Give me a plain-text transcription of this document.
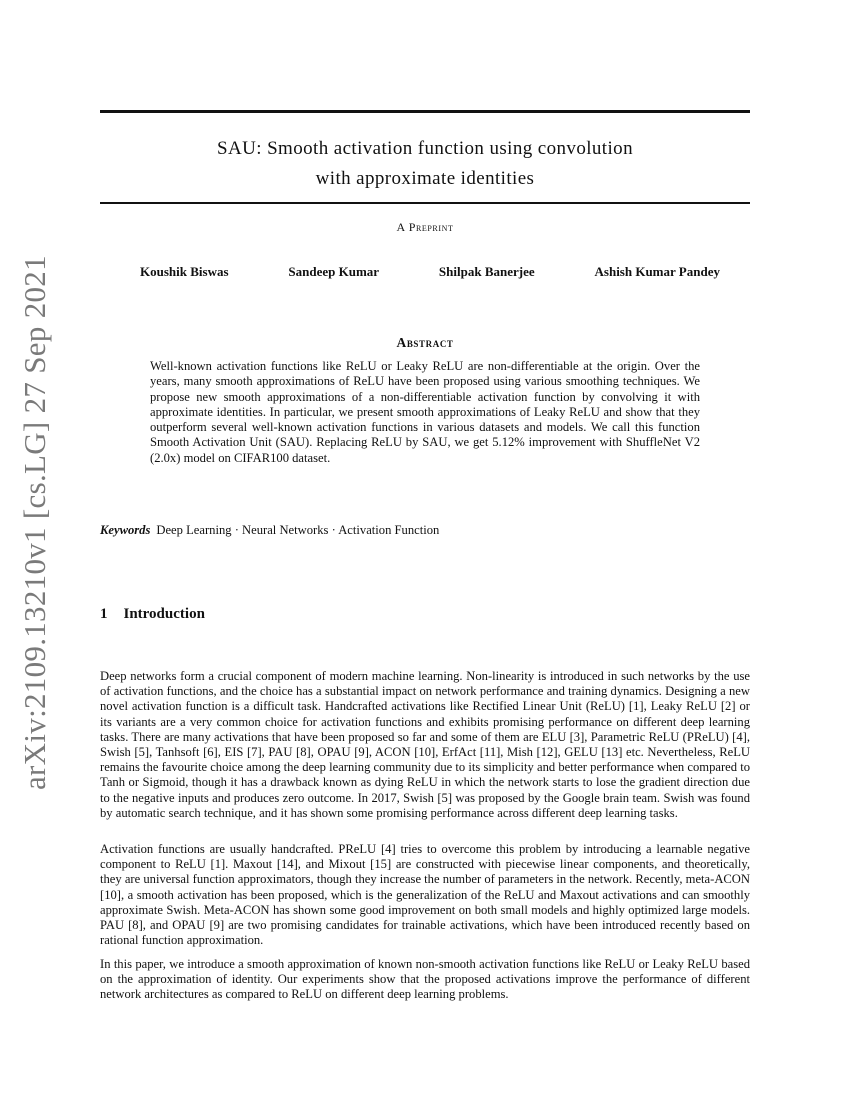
arXiv:2109.13210v1 [cs.LG] 27 Sep 2021
SAU: Smooth activation function using convolution
with approximate identities
A Preprint
Koushik Biswas	Sandeep Kumar	Shilpak Banerjee	Ashish Kumar Pandey
Abstract
Well-known activation functions like ReLU or Leaky ReLU are non-differentiable at the origin. Over the years, many smooth approximations of ReLU have been proposed using various smoothing techniques. We propose new smooth approximations of a non-differentiable activation function by convolving it with approximate identities. In particular, we present smooth approximations of Leaky ReLU and show that they outperform several well-known activation functions in various datasets and models. We call this function Smooth Activation Unit (SAU). Replacing ReLU by SAU, we get 5.12% improvement with ShuffleNet V2 (2.0x) model on CIFAR100 dataset.
Keywords Deep Learning · Neural Networks · Activation Function
1 Introduction
Deep networks form a crucial component of modern machine learning. Non-linearity is introduced in such networks by the use of activation functions, and the choice has a substantial impact on network performance and training dynamics. Designing a new novel activation function is a difficult task. Handcrafted activations like Rectified Linear Unit (ReLU) [1], Leaky ReLU [2] or its variants are a very common choice for activation functions and exhibits promising performance on different deep learning tasks. There are many activations that have been proposed so far and some of them are ELU [3], Parametric ReLU (PReLU) [4], Swish [5], Tanhsoft [6], EIS [7], PAU [8], OPAU [9], ACON [10], ErfAct [11], Mish [12], GELU [13] etc. Nevertheless, ReLU remains the favourite choice among the deep learning community due to its simplicity and better performance when compared to Tanh or Sigmoid, though it has a drawback known as dying ReLU in which the network starts to lose the gradient direction due to the negative inputs and produces zero outcome. In 2017, Swish [5] was proposed by the Google brain team. Swish was found by automatic search technique, and it has shown some promising performance across different deep learning tasks.
Activation functions are usually handcrafted. PReLU [4] tries to overcome this problem by introducing a learnable negative component to ReLU [1]. Maxout [14], and Mixout [15] are constructed with piecewise linear components, and theoretically, they are universal function approximators, though they increase the number of parameters in the network. Recently, meta-ACON [10], a smooth activation has been proposed, which is the generalization of the ReLU and Maxout activations and can smoothly approximate Swish. Meta-ACON has shown some good improvement on both small models and highly optimized large models. PAU [8], and OPAU [9] are two promising candidates for trainable activations, which have been introduced recently based on rational function approximation.
In this paper, we introduce a smooth approximation of known non-smooth activation functions like ReLU or Leaky ReLU based on the approximation of identity. Our experiments show that the proposed activations improve the performance of different network architectures as compared to ReLU on different deep learning problems.
